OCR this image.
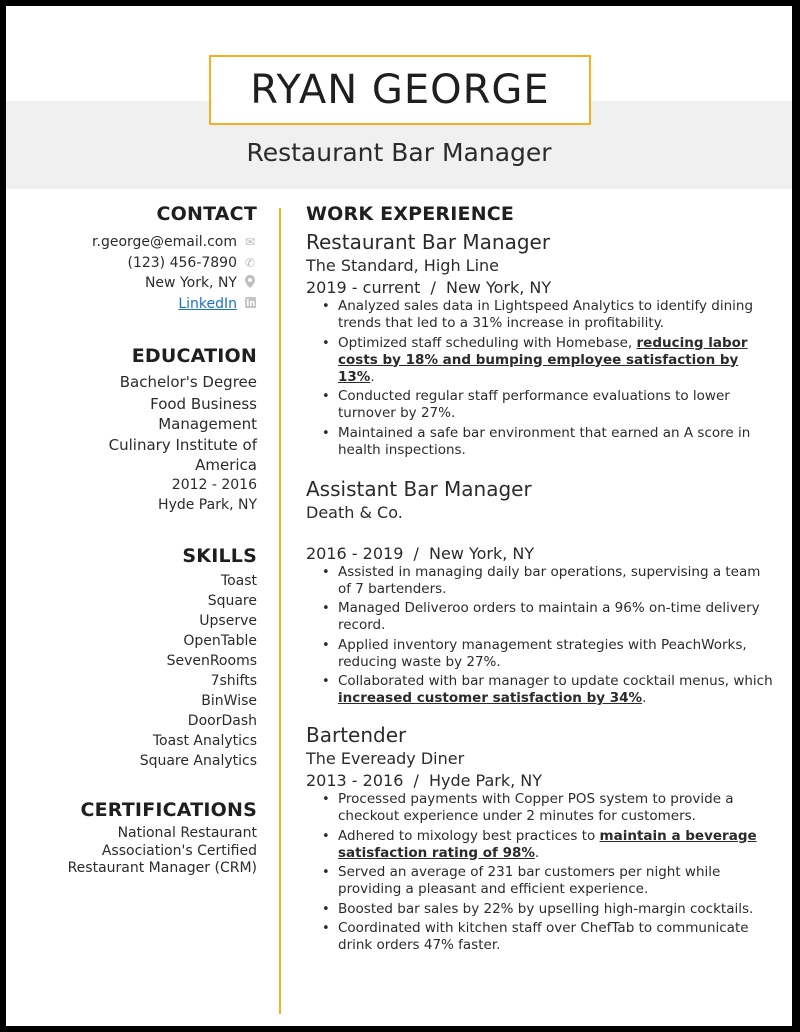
RYAN GEORGE
Restaurant Bar Manager
CONTACT
r.george@email.com ✉
(123) 456-7890 ✆
New York, NY
LinkedIn
EDUCATION
Bachelor's Degree
Food Business
Management
Culinary Institute of
America
2012 - 2016
Hyde Park, NY
SKILLS
Toast
Square
Upserve
OpenTable
SevenRooms
7shifts
BinWise
DoorDash
Toast Analytics
Square Analytics
CERTIFICATIONS
National Restaurant
Association's Certified
Restaurant Manager (CRM)
WORK EXPERIENCE
Restaurant Bar Manager
The Standard, High Line
2019 - current / New York, NY
• Analyzed sales data in Lightspeed Analytics to identify dining trends that led to a 31% increase in profitability.
• Optimized staff scheduling with Homebase, reducing labor costs by 18% and bumping employee satisfaction by 13%.
• Conducted regular staff performance evaluations to lower turnover by 27%.
• Maintained a safe bar environment that earned an A score in health inspections.
Assistant Bar Manager
Death & Co.
2016 - 2019 / New York, NY
• Assisted in managing daily bar operations, supervising a team of 7 bartenders.
• Managed Deliveroo orders to maintain a 96% on-time delivery record.
• Applied inventory management strategies with PeachWorks, reducing waste by 27%.
• Collaborated with bar manager to update cocktail menus, which increased customer satisfaction by 34%.
Bartender
The Eveready Diner
2013 - 2016 / Hyde Park, NY
• Processed payments with Copper POS system to provide a checkout experience under 2 minutes for customers.
• Adhered to mixology best practices to maintain a beverage satisfaction rating of 98%.
• Served an average of 231 bar customers per night while providing a pleasant and efficient experience.
• Boosted bar sales by 22% by upselling high-margin cocktails.
• Coordinated with kitchen staff over ChefTab to communicate drink orders 47% faster.
